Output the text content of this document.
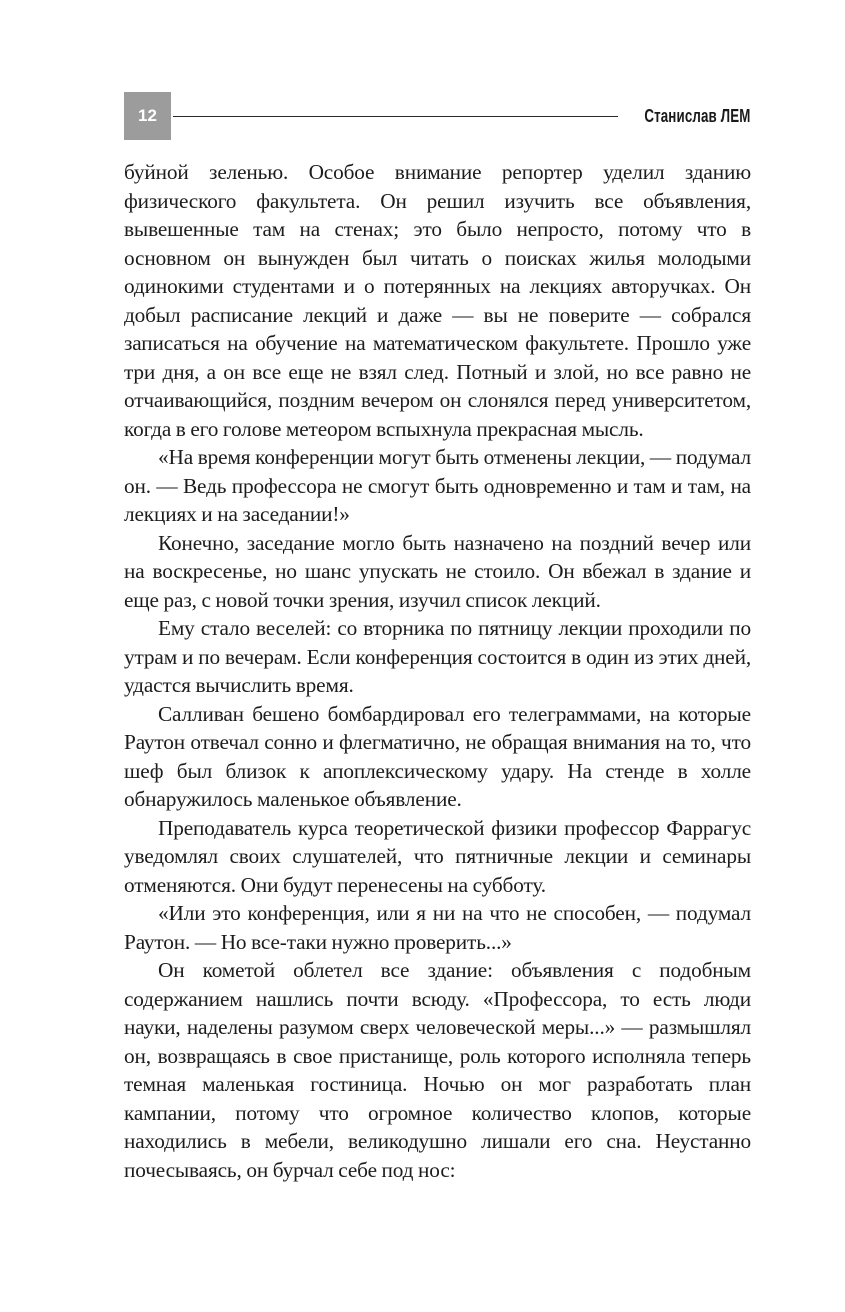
12	Станислав ЛЕМ

буйной зеленью. Особое внимание репортер уделил зданию физического факультета. Он решил изучить все объявления, вывешенные там на стенах; это было непросто, потому что в основном он вынужден был читать о поисках жилья молодыми одинокими студентами и о потерянных на лекциях авторучках. Он добыл расписание лекций и даже — вы не поверите — собрался записаться на обучение на математическом факультете. Прошло уже три дня, а он все еще не взял след. Потный и злой, но все равно не отчаивающийся, поздним вечером он слонялся перед университетом, когда в его голове метеором вспыхнула прекрасная мысль.

«На время конференции могут быть отменены лекции, — подумал он. — Ведь профессора не смогут быть одновременно и там и там, на лекциях и на заседании!»

Конечно, заседание могло быть назначено на поздний вечер или на воскресенье, но шанс упускать не стоило. Он вбежал в здание и еще раз, с новой точки зрения, изучил список лекций.

Ему стало веселей: со вторника по пятницу лекции проходили по утрам и по вечерам. Если конференция состоится в один из этих дней, удастся вычислить время.

Салливан бешено бомбардировал его телеграммами, на которые Раутон отвечал сонно и флегматично, не обращая внимания на то, что шеф был близок к апоплексическому удару. На стенде в холле обнаружилось маленькое объявление.

Преподаватель курса теоретической физики профессор Фаррагус уведомлял своих слушателей, что пятничные лекции и семинары отменяются. Они будут перенесены на субботу.

«Или это конференция, или я ни на что не способен, — подумал Раутон. — Но все-таки нужно проверить...»

Он кометой облетел все здание: объявления с подобным содержанием нашлись почти всюду. «Профессора, то есть люди науки, наделены разумом сверх человеческой меры...» — размышлял он, возвращаясь в свое пристанище, роль которого исполняла теперь темная маленькая гостиница. Ночью он мог разработать план кампании, потому что огромное количество клопов, которые находились в мебели, великодушно лишали его сна. Неустанно почесываясь, он бурчал себе под нос:
